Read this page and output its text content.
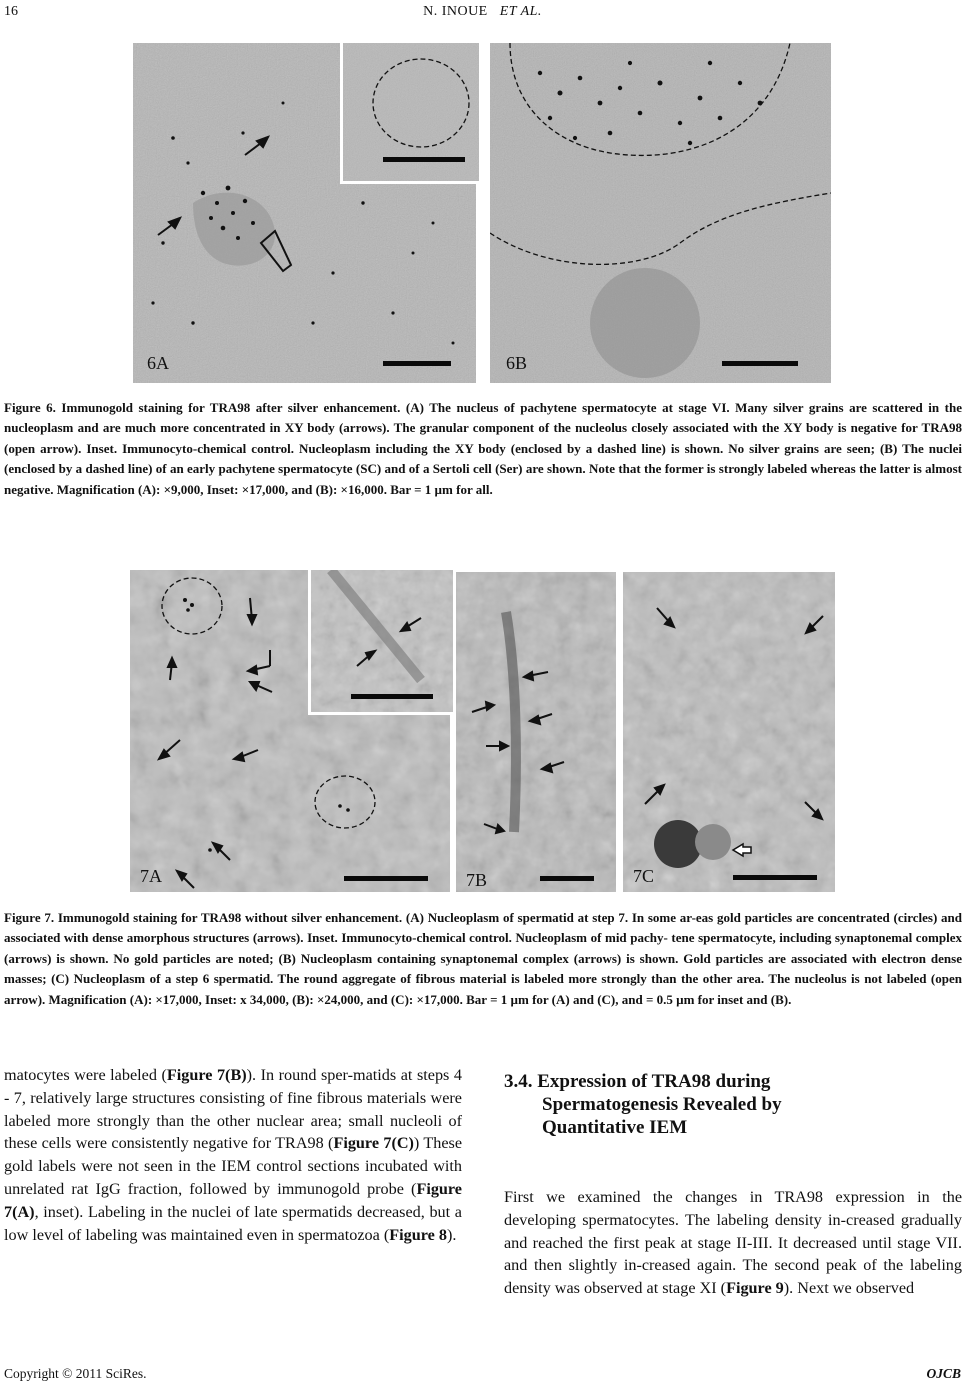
16	N. INOUE ET AL.
6A	6B
Figure 6. Immunogold staining for TRA98 after silver enhancement. (A) The nucleus of pachytene spermatocyte at stage VI. Many silver grains are scattered in the nucleoplasm and are much more concentrated in XY body (arrows). The granular component of the nucleolus closely associated with the XY body is negative for TRA98 (open arrow). Inset. Immunocyto-chemical control. Nucleoplasm including the XY body (enclosed by a dashed line) is shown. No silver grains are seen; (B) The nuclei (enclosed by a dashed line) of an early pachytene spermatocyte (SC) and of a Sertoli cell (Ser) are shown. Note that the former is strongly labeled whereas the latter is almost negative. Magnification (A): ×9,000, Inset: ×17,000, and (B): ×16,000. Bar = 1 µm for all.
7A	7B	7C
Figure 7. Immunogold staining for TRA98 without silver enhancement. (A) Nucleoplasm of spermatid at step 7. In some ar-eas gold particles are concentrated (circles) and associated with dense amorphous structures (arrows). Inset. Immunocyto-chemical control. Nucleoplasm of mid pachy- tene spermatocyte, including synaptonemal complex (arrows) is shown. No gold particles are noted; (B) Nucleoplasm containing synaptonemal complex (arrows) is shown. Gold particles are associated with electron dense masses; (C) Nucleoplasm of a step 6 spermatid. The round aggregate of fibrous material is labeled more strongly than the other area. The nucleolus is not labeled (open arrow). Magnification (A): ×17,000, Inset: x 34,000, (B): ×24,000, and (C): ×17,000. Bar = 1 µm for (A) and (C), and = 0.5 µm for inset and (B).
matocytes were labeled (Figure 7(B)). In round sper-matids at steps 4 - 7, relatively large structures consisting of fine fibrous materials were labeled more strongly than the other nuclear area; small nucleoli of these cells were consistently negative for TRA98 (Figure 7(C)) These gold labels were not seen in the IEM control sections incubated with unrelated rat IgG fraction, followed by immunogold probe (Figure 7(A), inset). Labeling in the nuclei of late spermatids decreased, but a low level of labeling was maintained even in spermatozoa (Figure 8).
3.4. Expression of TRA98 during
Spermatogenesis Revealed by
Quantitative IEM
First we examined the changes in TRA98 expression in the developing spermatocytes. The labeling density in-creased gradually and reached the first peak at stage II-III. It decreased until stage VII. and then slightly in-creased again. The second peak of the labeling density was observed at stage XI (Figure 9). Next we observed
Copyright © 2011 SciRes.	OJCB
